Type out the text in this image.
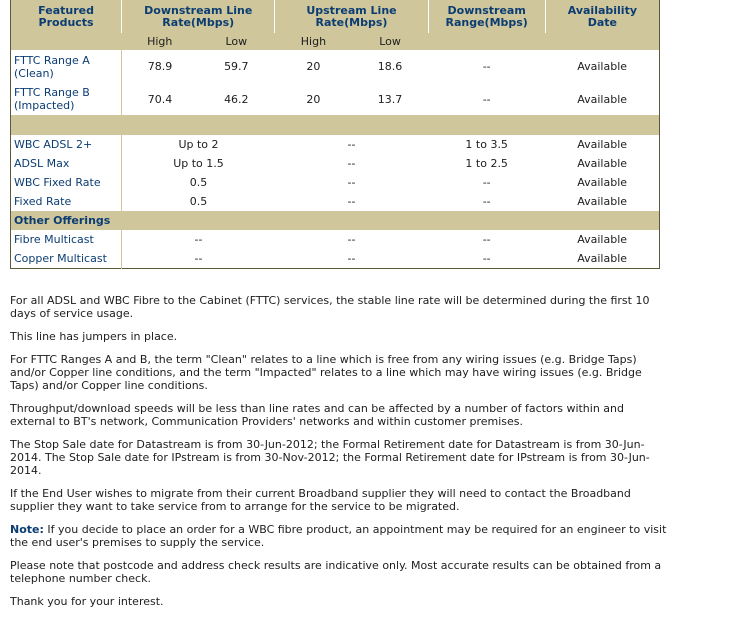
Featured Products	Downstream Line Rate(Mbps)		Upstream Line Rate(Mbps)		Downstream Range(Mbps)	Availability Date

	High	Low	High	Low		

FTTC Range A (Clean)	78.9	59.7	20	18.6	--	Available

FTTC Range B (Impacted)	70.4	46.2	20	13.7	--	Available

WBC ADSL 2+	Up to 2		--		1 to 3.5	Available
ADSL Max	Up to 1.5		--		1 to 2.5	Available
WBC Fixed Rate	0.5		--		--	Available
Fixed Rate	0.5		--		--	Available
Other Offerings						
Fibre Multicast	--		--		--	Available
Copper Multicast	--		--		--	Available

For all ADSL and WBC Fibre to the Cabinet (FTTC) services, the stable line rate will be determined during the first 10 days of service usage.

This line has jumpers in place.

For FTTC Ranges A and B, the term "Clean" relates to a line which is free from any wiring issues (e.g. Bridge Taps) and/or Copper line conditions, and the term "Impacted" relates to a line which may have wiring issues (e.g. Bridge Taps) and/or Copper line conditions.

Throughput/download speeds will be less than line rates and can be affected by a number of factors within and external to BT's network, Communication Providers' networks and within customer premises.

The Stop Sale date for Datastream is from 30-Jun-2012; the Formal Retirement date for Datastream is from 30-Jun-2014. The Stop Sale date for IPstream is from 30-Nov-2012; the Formal Retirement date for IPstream is from 30-Jun-2014.

If the End User wishes to migrate from their current Broadband supplier they will need to contact the Broadband supplier they want to take service from to arrange for the service to be migrated.

Note: If you decide to place an order for a WBC fibre product, an appointment may be required for an engineer to visit the end user's premises to supply the service.

Please note that postcode and address check results are indicative only. Most accurate results can be obtained from a telephone number check.

Thank you for your interest.
